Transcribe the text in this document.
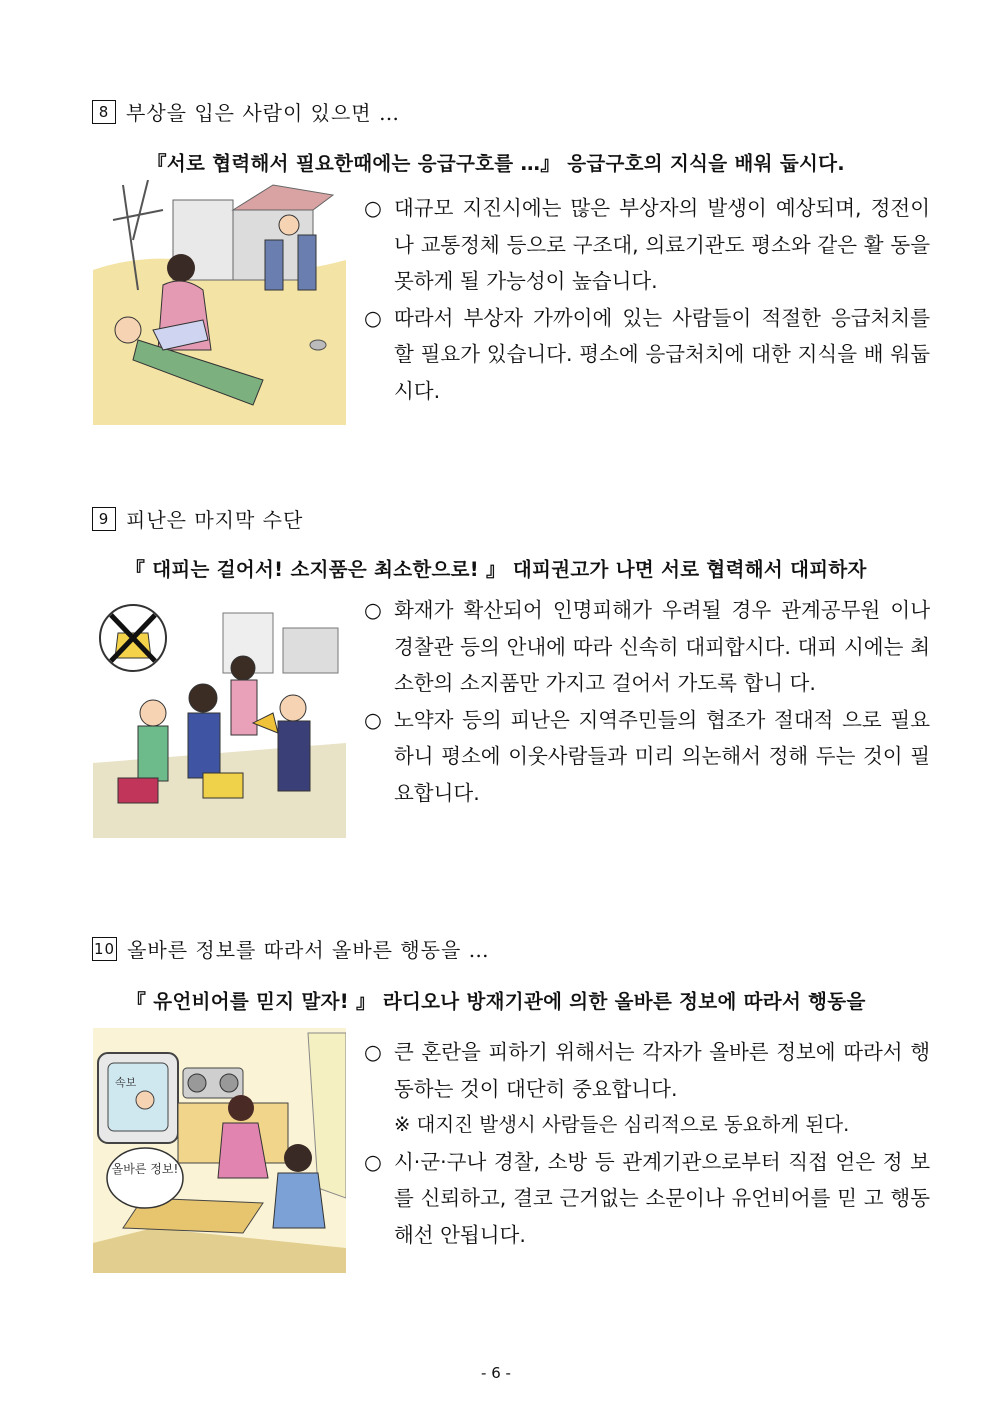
8 부상을 입은 사람이 있으면 …
『서로 협력해서 필요한때에는 응급구호를 …』 응급구호의 지식을 배워 둡시다.
○ 대규모 지진시에는 많은 부상자의 발생이 예상되며, 정전이 나 교통정체 등으로 구조대, 의료기관도 평소와 같은 활 동을 못하게 될 가능성이 높습니다.
○ 따라서 부상자 가까이에 있는 사람들이 적절한 응급처치를 할 필요가 있습니다. 평소에 응급처치에 대한 지식을 배 워둡시다.
9 피난은 마지막 수단
『 대피는 걸어서! 소지품은 최소한으로! 』 대피권고가 나면 서로 협력해서 대피하자
○ 화재가 확산되어 인명피해가 우려될 경우 관계공무원 이나 경찰관 등의 안내에 따라 신속히 대피합시다. 대피 시에는 최소한의 소지품만 가지고 걸어서 가도록 합니 다.
○ 노약자 등의 피난은 지역주민들의 협조가 절대적 으로 필요하니 평소에 이웃사람들과 미리 의논해서 정해 두는 것이 필요합니다.
10 올바른 정보를 따라서 올바른 행동을 …
『 유언비어를 믿지 말자! 』 라디오나 방재기관에 의한 올바른 정보에 따라서 행동을
속보
올바른 정보!
○ 큰 혼란을 피하기 위해서는 각자가 올바른 정보에 따라서 행 동하는 것이 대단히 중요합니다.
※ 대지진 발생시 사람들은 심리적으로 동요하게 된다.
○ 시·군·구나 경찰, 소방 등 관계기관으로부터 직접 얻은 정 보를 신뢰하고, 결코 근거없는 소문이나 유언비어를 믿 고 행동해선 안됩니다.
- 6 -
